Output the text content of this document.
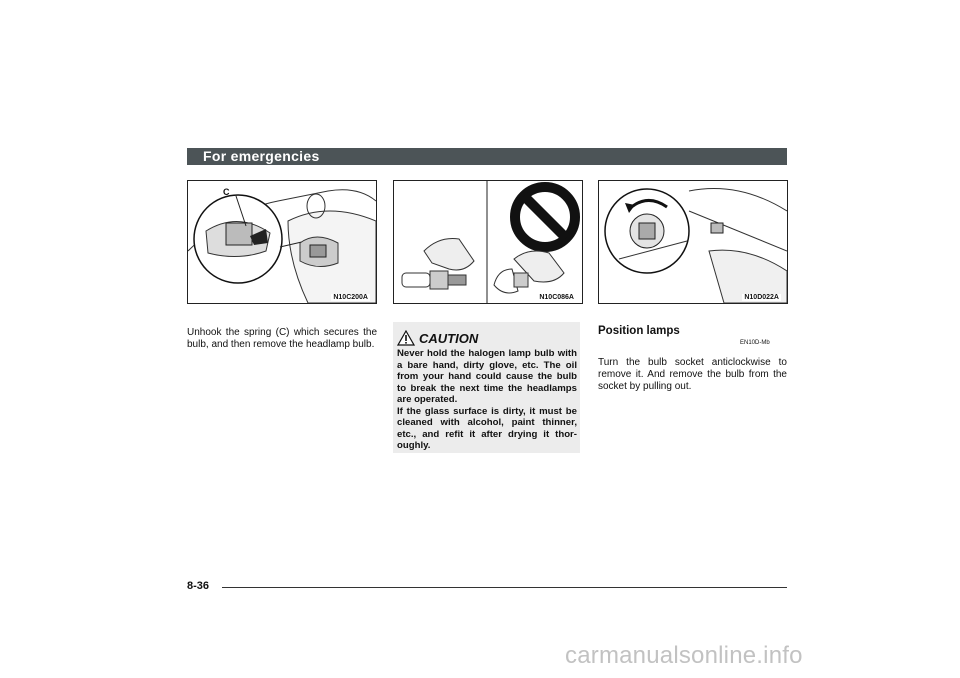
For emergencies
C
N10C200A	N10C086A	N10D022A
Unhook the spring (C) which secures the bulb, and then remove the headlamp bulb.	CAUTION

Never hold the halogen lamp bulb with a bare hand, dirty glove, etc. The oil from your hand could cause the bulb to break the next time the headlamps are operated.

If the glass surface is dirty, it must be cleaned with alcohol, paint thinner, etc., and refit it after drying it thor-oughly.

Position lamps
EN10D-Mb
Turn the bulb socket anticlockwise to remove it. And remove the bulb from the socket by pulling out.
8-36
carmanualsonline.info
